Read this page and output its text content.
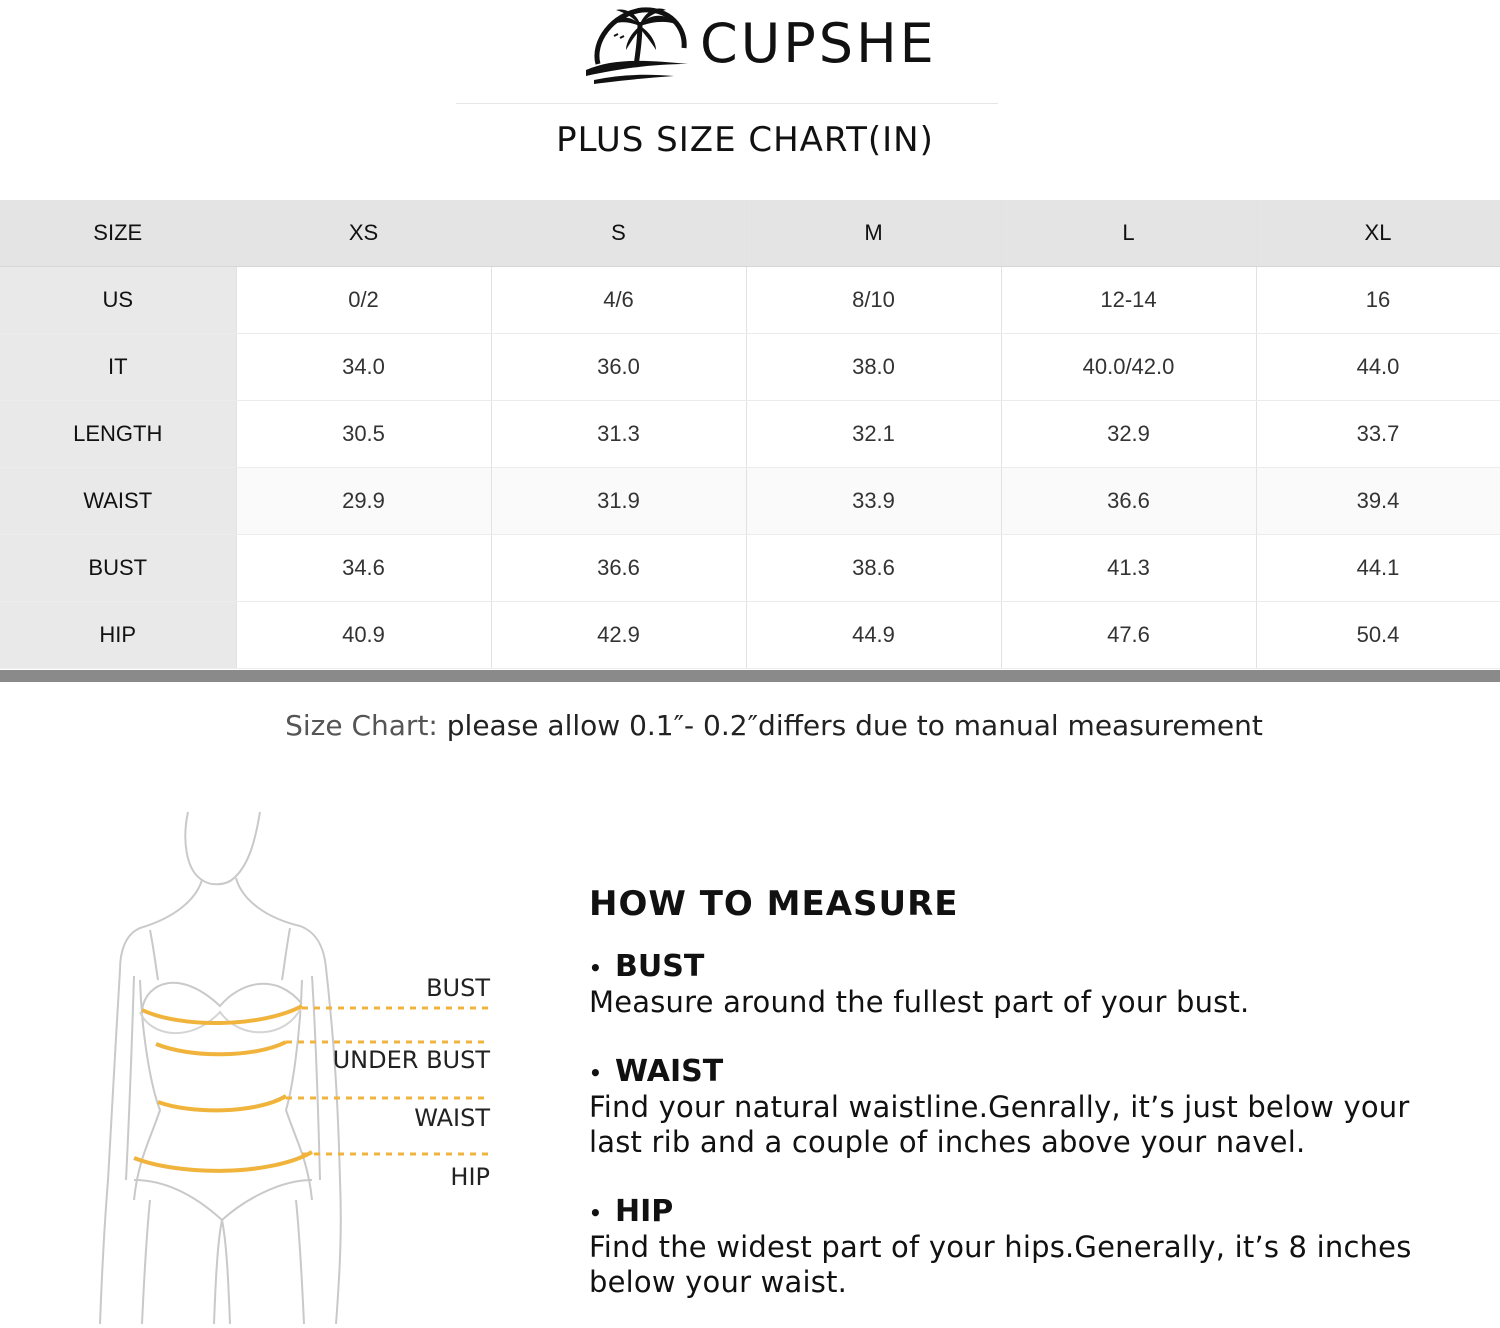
CUPSHE
PLUS SIZE CHART(IN)
SIZE	XS	S	M	L	XL
US	0/2	4/6	8/10	12-14	16
IT	34.0	36.0	38.0	40.0/42.0	44.0
LENGTH	30.5	31.3	32.1	32.9	33.7
WAIST	29.9	31.9	33.9	36.6	39.4
BUST	34.6	36.6	38.6	41.3	44.1
HIP	40.9	42.9	44.9	47.6	50.4
Size Chart: please allow 0.1″- 0.2″differs due to manual measurement
BUST
UNDER BUST
WAIST
HIP
HOW TO MEASURE
• BUST
Measure around the fullest part of your bust.
• WAIST
Find your natural waistline.Genrally, it’s just below your last rib and a couple of inches above your navel.
• HIP
Find the widest part of your hips.Generally, it’s 8 inches below your waist.
